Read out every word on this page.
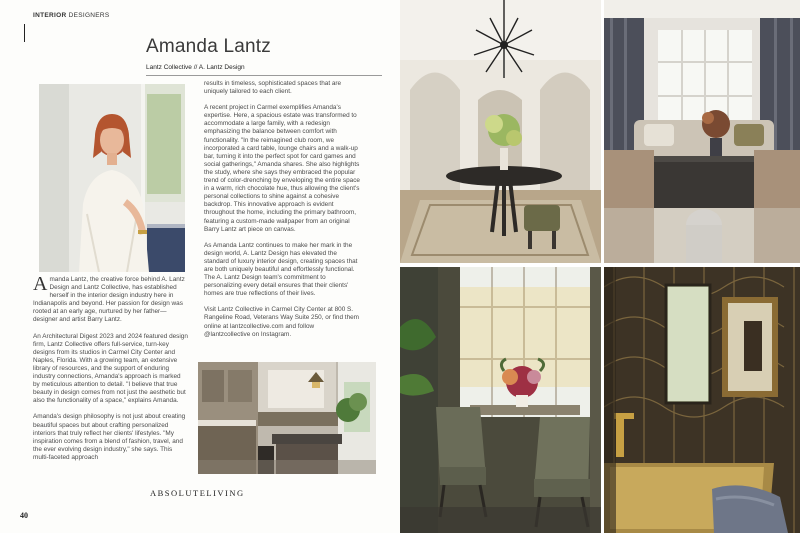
INTERIOR DESIGNERS
Amanda Lantz
Lantz Collective // A. Lantz Design

Amanda Lantz, the creative force behind A. Lantz Design and Lantz Collective, has established herself in the interior design industry here in Indianapolis and beyond. Her passion for design was rooted at an early age, nurtured by her father—designer and artist Barry Lantz.

An Architectural Digest 2023 and 2024 featured design firm, Lantz Collective offers full-service, turn-key designs from its studios in Carmel City Center and Naples, Florida. With a growing team, an extensive library of resources, and the support of enduring industry connections, Amanda's approach is marked by meticulous attention to detail. "I believe that true beauty in design comes from not just the aesthetic but also the functionality of a space," explains Amanda.

Amanda's design philosophy is not just about creating beautiful spaces but about crafting personalized interiors that truly reflect her clients' lifestyles. "My inspiration comes from a blend of fashion, travel, and the ever evolving design industry," she says. This multi-faceted approach

results in timeless, sophisticated spaces that are uniquely tailored to each client.

A recent project in Carmel exemplifies Amanda's expertise. Here, a spacious estate was transformed to accommodate a large family, with a redesign emphasizing the balance between comfort with functionality. "In the reimagined club room, we incorporated a card table, lounge chairs and a walk-up bar, turning it into the perfect spot for card games and social gatherings," Amanda shares. She also highlights the study, where she says they embraced the popular trend of color-drenching by enveloping the entire space in a warm, rich chocolate hue, thus allowing the client's personal collections to shine against a cohesive backdrop. This innovative approach is evident throughout the home, including the primary bathroom, featuring a custom-made wallpaper from an original Barry Lantz art piece on canvas.

As Amanda Lantz continues to make her mark in the design world, A. Lantz Design has elevated the standard of luxury interior design, creating spaces that are both uniquely beautiful and effortlessly functional. The A. Lantz Design team's commitment to personalizing every detail ensures that their clients' homes are true reflections of their lives.

Visit Lantz Collective in Carmel City Center at 800 S. Rangeline Road, Veterans Way Suite 250, or find them online at lantzcollective.com and follow @lantzcollective on Instagram.

ABSOLUTELIVING
40
